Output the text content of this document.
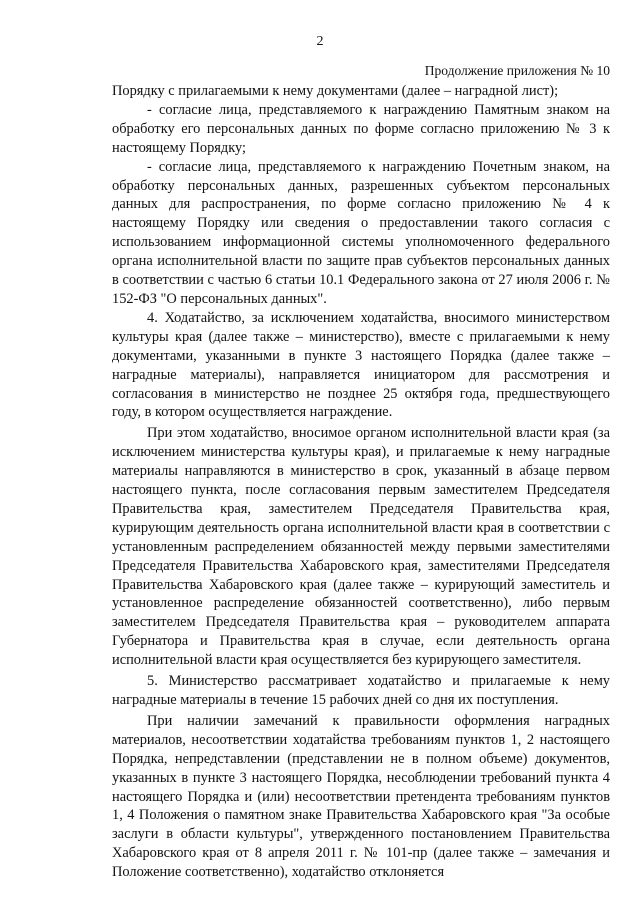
2
Продолжение приложения № 10

Порядку с прилагаемыми к нему документами (далее – наградной лист);

- согласие лица, представляемого к награждению Памятным знаком на обработку его персональных данных по форме согласно приложению № 3 к настоящему Порядку;

- согласие лица, представляемого к награждению Почетным знаком, на обработку персональных данных, разрешенных субъектом персональных данных для распространения, по форме согласно приложению № 4 к настоящему Порядку или сведения о предоставлении такого согласия с использованием информационной системы уполномоченного федерального органа исполнительной власти по защите прав субъектов персональных данных в соответствии с частью 6 статьи 10.1 Федерального закона от 27 июля 2006 г. № 152-ФЗ "О персональных данных".

4. Ходатайство, за исключением ходатайства, вносимого министерством культуры края (далее также – министерство), вместе с прилагаемыми к нему документами, указанными в пункте 3 настоящего Порядка (далее также – наградные материалы), направляется инициатором для рассмотрения и согласования в министерство не позднее 25 октября года, предшествующего году, в котором осуществляется награждение.

При этом ходатайство, вносимое органом исполнительной власти края (за исключением министерства культуры края), и прилагаемые к нему наградные материалы направляются в министерство в срок, указанный в абзаце первом настоящего пункта, после согласования первым заместителем Председателя Правительства края, заместителем Председателя Правительства края, курирующим деятельность органа исполнительной власти края в соответствии с установленным распределением обязанностей между первыми заместителями Председателя Правительства Хабаровского края, заместителями Председателя Правительства Хабаровского края (далее также – курирующий заместитель и установленное распределение обязанностей соответственно), либо первым заместителем Председателя Правительства края – руководителем аппарата Губернатора и Правительства края в случае, если деятельность органа исполнительной власти края осуществляется без курирующего заместителя.

5. Министерство рассматривает ходатайство и прилагаемые к нему наградные материалы в течение 15 рабочих дней со дня их поступления.

При наличии замечаний к правильности оформления наградных материалов, несоответствии ходатайства требованиям пунктов 1, 2 настоящего Порядка, непредставлении (представлении не в полном объеме) документов, указанных в пункте 3 настоящего Порядка, несоблюдении требований пункта 4 настоящего Порядка и (или) несоответствии претендента требованиям пунктов 1, 4 Положения о памятном знаке Правительства Хабаровского края "За особые заслуги в области культуры", утвержденного постановлением Правительства Хабаровского края от 8 апреля 2011 г. № 101-пр (далее также – замечания и Положение соответственно), ходатайство отклоняется
